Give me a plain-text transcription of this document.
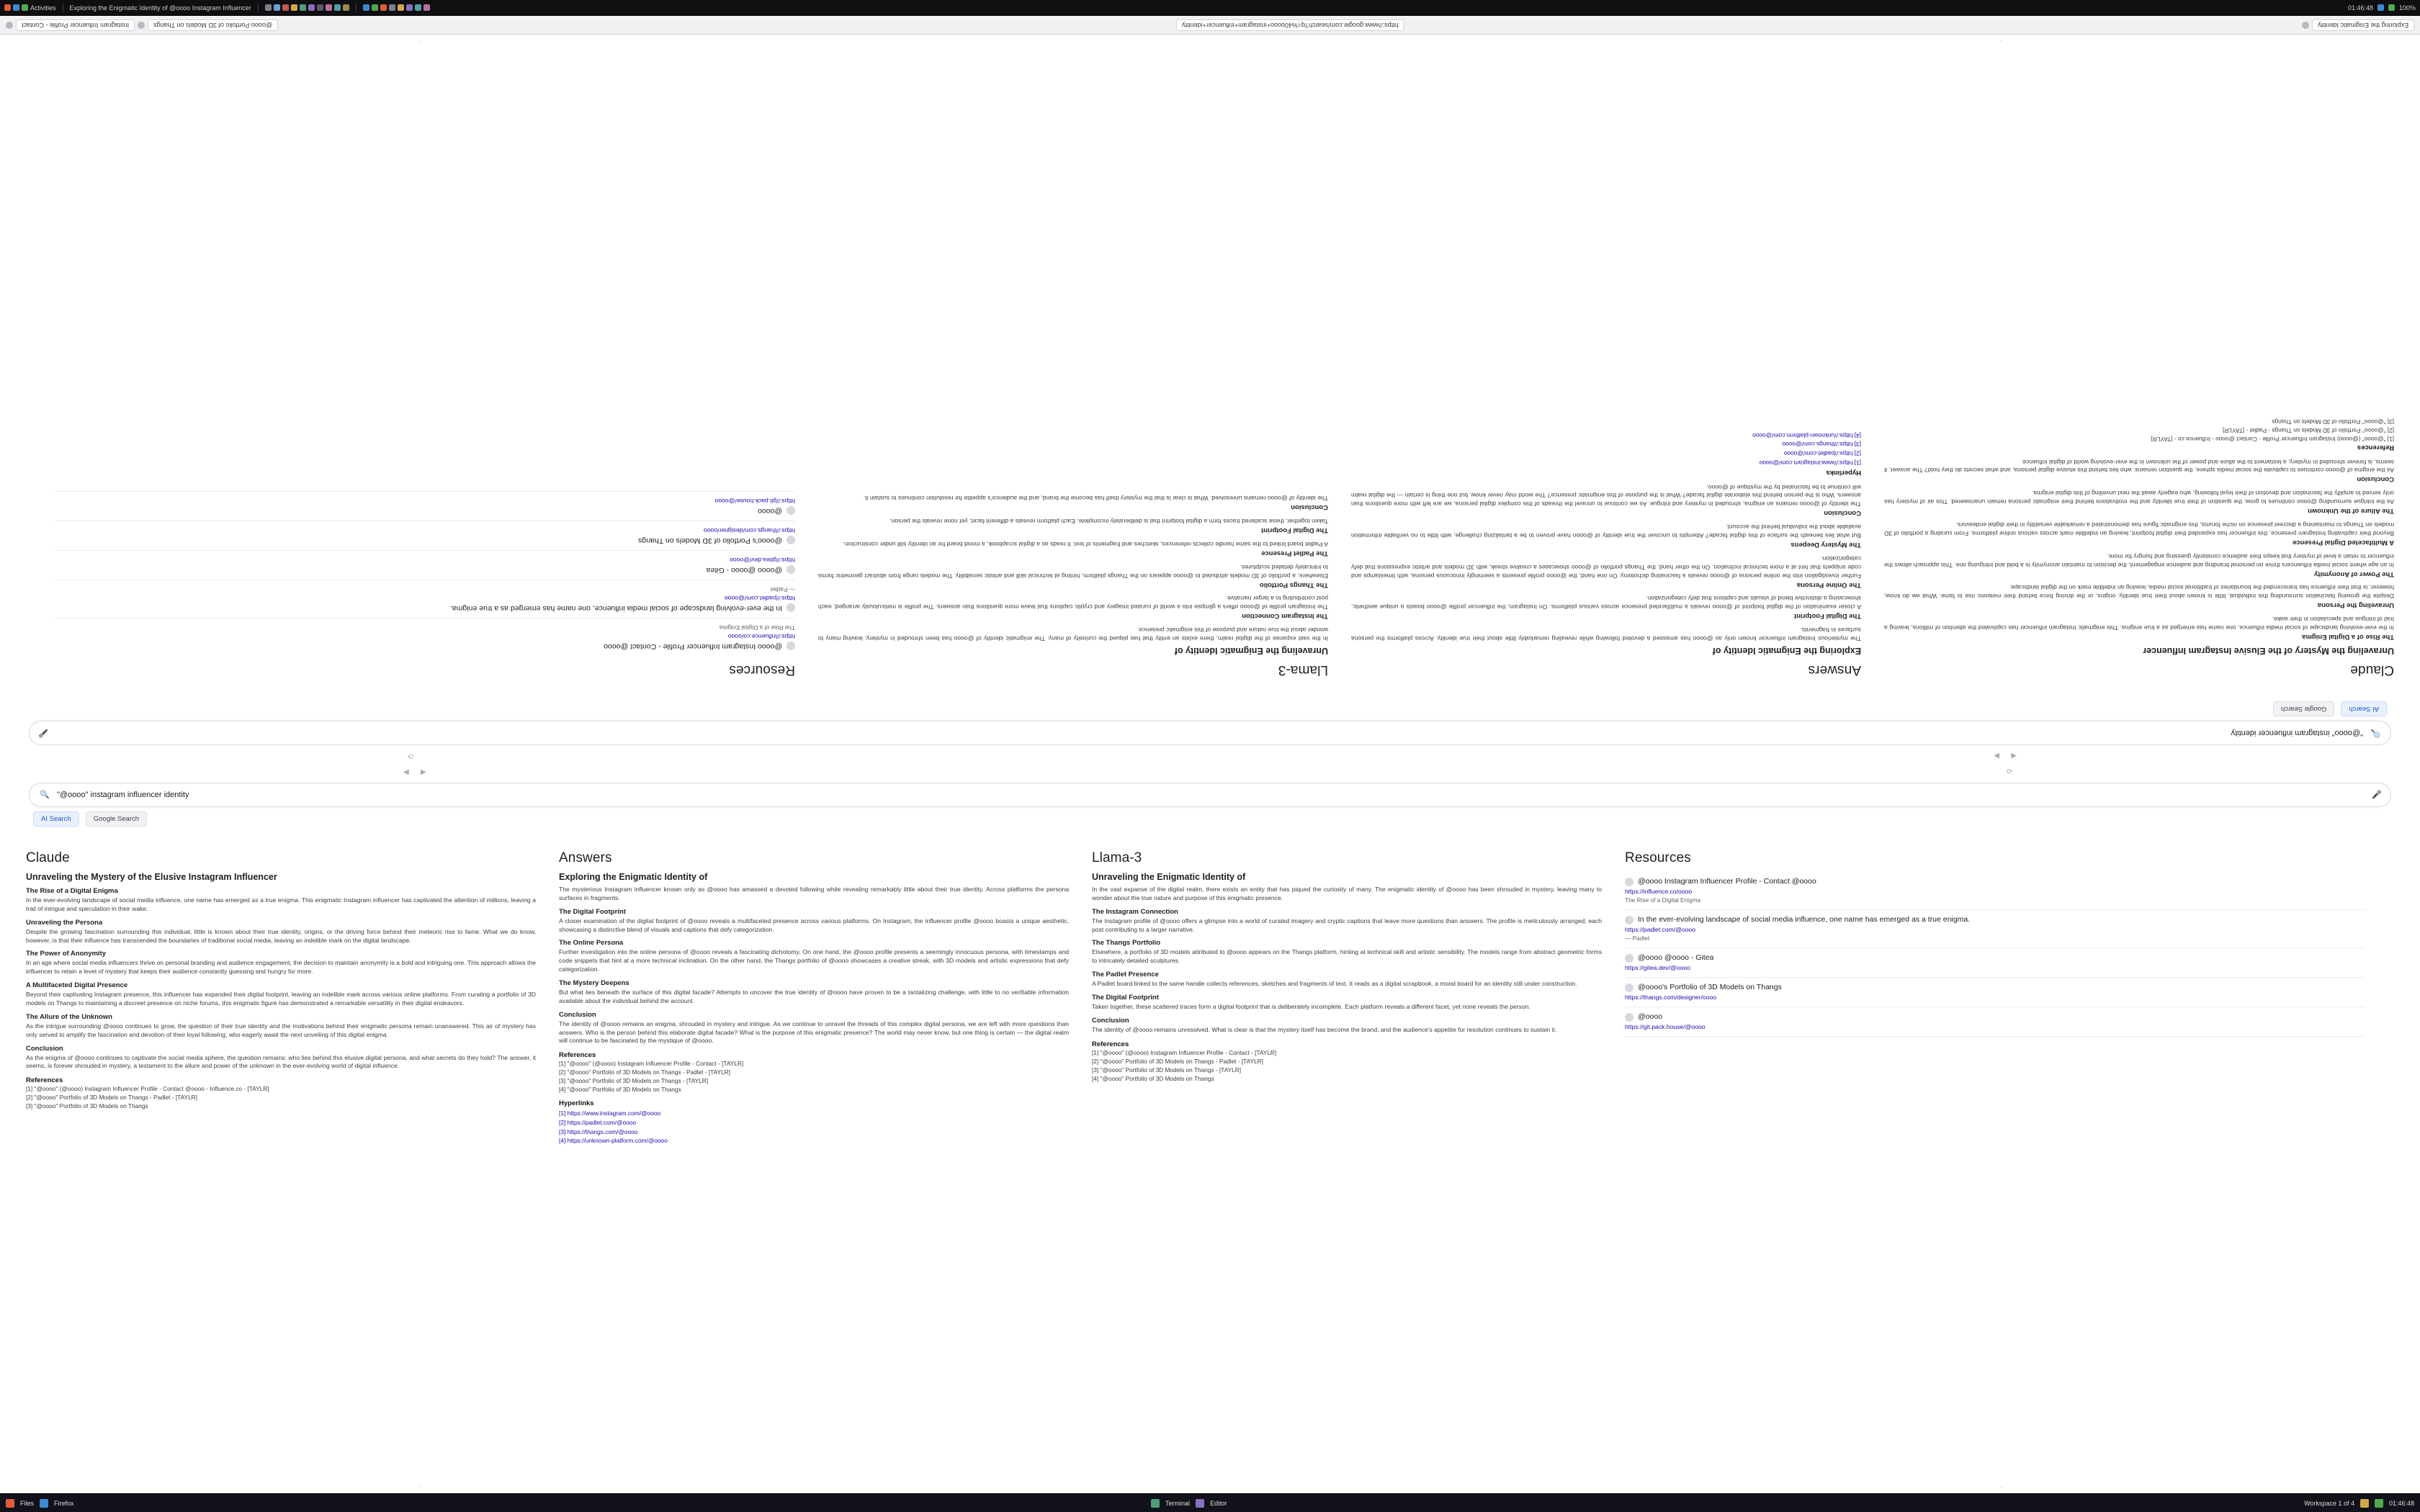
Activities Exploring the Enigmatic Identity of @oooo Instagram Influencer	01:46:48	100%
Instagram Influencer Profile - Contact	@oooo Portfolio of 3D Models on Thangs	https://www.google.com/search?q=%40oooo+instagram+influencer+identity	Exploring the Enigmatic Identity
◀
▶
⟳
🔍
"@oooo" instagram influencer identity
🎤
AI Search
Google Search
Claude
Unraveling the Mystery of the Elusive Instagram Influencer
The Rise of a Digital Enigma

In the ever-evolving landscape of social media influence, one name has emerged as a true enigma. This enigmatic Instagram influencer has captivated the attention of millions, leaving a trail of intrigue and speculation in their wake.

Unraveling the Persona

Despite the growing fascination surrounding this individual, little is known about their true identity, origins, or the driving force behind their meteoric rise to fame. What we do know, however, is that their influence has transcended the boundaries of traditional social media, leaving an indelible mark on the digital landscape.

The Power of Anonymity

In an age where social media influencers thrive on personal branding and audience engagement, the decision to maintain anonymity is a bold and intriguing one. This approach allows the influencer to retain a level of mystery that keeps their audience constantly guessing and hungry for more.

A Multifaceted Digital Presence

Beyond their captivating Instagram presence, this influencer has expanded their digital footprint, leaving an indelible mark across various online platforms. From curating a portfolio of 3D models on Thangs to maintaining a discreet presence on niche forums, this enigmatic figure has demonstrated a remarkable versatility in their digital endeavors.

The Allure of the Unknown

As the intrigue surrounding @oooo continues to grow, the question of their true identity and the motivations behind their enigmatic persona remain unanswered. This air of mystery has only served to amplify the fascination and devotion of their loyal following, who eagerly await the next unveiling of this digital enigma.

Conclusion

As the enigma of @oooo continues to captivate the social media sphere, the question remains: who lies behind this elusive digital persona, and what secrets do they hold? The answer, it seems, is forever shrouded in mystery, a testament to the allure and power of the unknown in the ever-evolving world of digital influence.

References
[1] "@oooo" (@oooo) Instagram Influencer Profile - Contact @oooo - Influence.co - [TAYLR]
[2] "@oooo" Portfolio of 3D Models on Thangs - Padlet - [TAYLR]
[3] "@oooo" Portfolio of 3D Models on Thangs
Answers
Exploring the Enigmatic Identity of

The mysterious Instagram influencer known only as @oooo has amassed a devoted following while revealing remarkably little about their true identity. Across platforms the persona surfaces in fragments.

The Digital Footprint

A closer examination of the digital footprint of @oooo reveals a multifaceted presence across various platforms. On Instagram, the influencer profile @oooo boasts a unique aesthetic, showcasing a distinctive blend of visuals and captions that defy categorization.

The Online Persona

Further investigation into the online persona of @oooo reveals a fascinating dichotomy. On one hand, the @oooo profile presents a seemingly innocuous persona, with timestamps and code snippets that hint at a more technical inclination. On the other hand, the Thangs portfolio of @oooo showcases a creative streak, with 3D models and artistic expressions that defy categorization.

The Mystery Deepens

But what lies beneath the surface of this digital facade? Attempts to uncover the true identity of @oooo have proven to be a tantalizing challenge, with little to no verifiable information available about the individual behind the account.

Conclusion

The identity of @oooo remains an enigma, shrouded in mystery and intrigue. As we continue to unravel the threads of this complex digital persona, we are left with more questions than answers. Who is the person behind this elaborate digital facade? What is the purpose of this enigmatic presence? The world may never know, but one thing is certain — the digital realm will continue to be fascinated by the mystique of @oooo.

Hyperlinks
[1] https://www.instagram.com/@oooo
[2] https://padlet.com/@oooo
[3] https://thangs.com/@oooo
[4] https://unknown-platform.com/@oooo
Llama-3
Unraveling the Enigmatic Identity of

In the vast expanse of the digital realm, there exists an entity that has piqued the curiosity of many. The enigmatic identity of @oooo has been shrouded in mystery, leaving many to wonder about the true nature and purpose of this enigmatic presence.

The Instagram Connection

The Instagram profile of @oooo offers a glimpse into a world of curated imagery and cryptic captions that leave more questions than answers. The profile is meticulously arranged, each post contributing to a larger narrative.

The Thangs Portfolio

Elsewhere, a portfolio of 3D models attributed to @oooo appears on the Thangs platform, hinting at technical skill and artistic sensibility. The models range from abstract geometric forms to intricately detailed sculptures.

The Padlet Presence

A Padlet board linked to the same handle collects references, sketches and fragments of text. It reads as a digital scrapbook, a mood board for an identity still under construction.

The Digital Footprint

Taken together, these scattered traces form a digital footprint that is deliberately incomplete. Each platform reveals a different facet, yet none reveals the person.

Conclusion

The identity of @oooo remains unresolved. What is clear is that the mystery itself has become the brand, and the audience's appetite for resolution continues to sustain it.

Resources
@oooo Instagram Influencer Profile - Contact @oooo
https://influence.co/oooo
The Rise of a Digital Enigma
In the ever-evolving landscape of social media influence, one name has emerged as a true enigma.
https://padlet.com/@oooo
— Padlet
@oooo @oooo - Gitea
https://gitea.dev/@oooo
@oooo's Portfolio of 3D Models on Thangs
https://thangs.com/designer/oooo
@oooo
https://git.pack.house/@oooo
◦
◦
◀	▶	⟳
🔍 "@oooo" instagram influencer identity	🎤
AI Search	Google Search
Claude
Unraveling the Mystery of the Elusive Instagram Influencer
The Rise of a Digital Enigma

In the ever-evolving landscape of social media influence, one name has emerged as a true enigma. This enigmatic Instagram influencer has captivated the attention of millions, leaving a trail of intrigue and speculation in their wake.

Unraveling the Persona

Despite the growing fascination surrounding this individual, little is known about their true identity, origins, or the driving force behind their meteoric rise to fame. What we do know, however, is that their influence has transcended the boundaries of traditional social media, leaving an indelible mark on the digital landscape.

The Power of Anonymity

In an age where social media influencers thrive on personal branding and audience engagement, the decision to maintain anonymity is a bold and intriguing one. This approach allows the influencer to retain a level of mystery that keeps their audience constantly guessing and hungry for more.

A Multifaceted Digital Presence

Beyond their captivating Instagram presence, this influencer has expanded their digital footprint, leaving an indelible mark across various online platforms. From curating a portfolio of 3D models on Thangs to maintaining a discreet presence on niche forums, this enigmatic figure has demonstrated a remarkable versatility in their digital endeavors.

The Allure of the Unknown

As the intrigue surrounding @oooo continues to grow, the question of their true identity and the motivations behind their enigmatic persona remain unanswered. This air of mystery has only served to amplify the fascination and devotion of their loyal following, who eagerly await the next unveiling of this digital enigma.

Conclusion

As the enigma of @oooo continues to captivate the social media sphere, the question remains: who lies behind this elusive digital persona, and what secrets do they hold? The answer, it seems, is forever shrouded in mystery, a testament to the allure and power of the unknown in the ever-evolving world of digital influence.

References
[1] "@oooo" (@oooo) Instagram Influencer Profile - Contact @oooo - Influence.co - [TAYLR]
[2] "@oooo" Portfolio of 3D Models on Thangs - Padlet - [TAYLR]
[3] "@oooo" Portfolio of 3D Models on Thangs
Answers
Exploring the Enigmatic Identity of

The mysterious Instagram influencer known only as @oooo has amassed a devoted following while revealing remarkably little about their true identity. Across platforms the persona surfaces in fragments.

The Digital Footprint

A closer examination of the digital footprint of @oooo reveals a multifaceted presence across various platforms. On Instagram, the influencer profile @oooo boasts a unique aesthetic, showcasing a distinctive blend of visuals and captions that defy categorization.

The Online Persona

Further investigation into the online persona of @oooo reveals a fascinating dichotomy. On one hand, the @oooo profile presents a seemingly innocuous persona, with timestamps and code snippets that hint at a more technical inclination. On the other hand, the Thangs portfolio of @oooo showcases a creative streak, with 3D models and artistic expressions that defy categorization.

The Mystery Deepens

But what lies beneath the surface of this digital facade? Attempts to uncover the true identity of @oooo have proven to be a tantalizing challenge, with little to no verifiable information available about the individual behind the account.

Conclusion

The identity of @oooo remains an enigma, shrouded in mystery and intrigue. As we continue to unravel the threads of this complex digital persona, we are left with more questions than answers. Who is the person behind this elaborate digital facade? What is the purpose of this enigmatic presence? The world may never know, but one thing is certain — the digital realm will continue to be fascinated by the mystique of @oooo.

References
[1] "@oooo" (@oooo) Instagram Influencer Profile - Contact - [TAYLR]
[2] "@oooo" Portfolio of 3D Models on Thangs - Padlet - [TAYLR]
[3] "@oooo" Portfolio of 3D Models on Thangs - [TAYLR]
[4] "@oooo" Portfolio of 3D Models on Thangs
Hyperlinks
[1] https://www.instagram.com/@oooo
[2] https://padlet.com/@oooo
[3] https://thangs.com/@oooo
[4] https://unknown-platform.com/@oooo
Llama-3
Unraveling the Enigmatic Identity of

In the vast expanse of the digital realm, there exists an entity that has piqued the curiosity of many. The enigmatic identity of @oooo has been shrouded in mystery, leaving many to wonder about the true nature and purpose of this enigmatic presence.

The Instagram Connection

The Instagram profile of @oooo offers a glimpse into a world of curated imagery and cryptic captions that leave more questions than answers. The profile is meticulously arranged, each post contributing to a larger narrative.

The Thangs Portfolio

Elsewhere, a portfolio of 3D models attributed to @oooo appears on the Thangs platform, hinting at technical skill and artistic sensibility. The models range from abstract geometric forms to intricately detailed sculptures.

The Padlet Presence

A Padlet board linked to the same handle collects references, sketches and fragments of text. It reads as a digital scrapbook, a mood board for an identity still under construction.

The Digital Footprint

Taken together, these scattered traces form a digital footprint that is deliberately incomplete. Each platform reveals a different facet, yet none reveals the person.

Conclusion

The identity of @oooo remains unresolved. What is clear is that the mystery itself has become the brand, and the audience's appetite for resolution continues to sustain it.

References
[1] "@oooo" (@oooo) Instagram Influencer Profile - Contact - [TAYLR]
[2] "@oooo" Portfolio of 3D Models on Thangs - Padlet - [TAYLR]
[3] "@oooo" Portfolio of 3D Models on Thangs - [TAYLR]
[4] "@oooo" Portfolio of 3D Models on Thangs
Resources
@oooo Instagram Influencer Profile - Contact @oooo
https://influence.co/oooo
The Rise of a Digital Enigma
In the ever-evolving landscape of social media influence, one name has emerged as a true enigma.
https://padlet.com/@oooo
— Padlet
@oooo @oooo - Gitea
https://gitea.dev/@oooo
@oooo's Portfolio of 3D Models on Thangs
https://thangs.com/designer/oooo
@oooo
https://git.pack.house/@oooo
◦	◦
Files	Firefox	Terminal	Editor	Workspace 1 of 4	01:46:48
